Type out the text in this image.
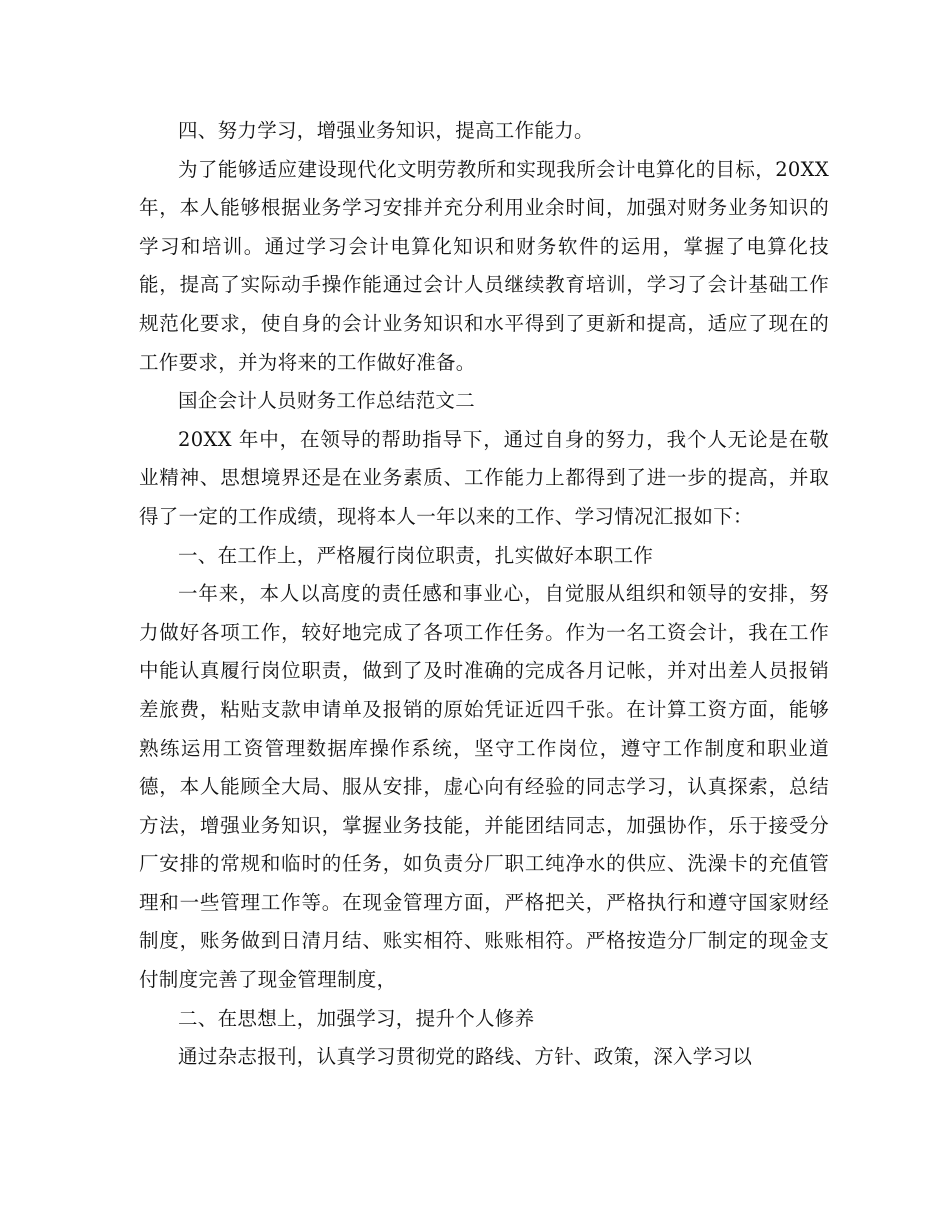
四、努力学习，增强业务知识，提高工作能力。

为了能够适应建设现代化文明劳教所和实现我所会计电算化的目标，20XX 年，本人能够根据业务学习安排并充分利用业余时间，加强对财务业务知识的学习和培训。通过学习会计电算化知识和财务软件的运用，掌握了电算化技能，提高了实际动手操作能通过会计人员继续教育培训，学习了会计基础工作规范化要求，使自身的会计业务知识和水平得到了更新和提高，适应了现在的工作要求，并为将来的工作做好准备。

国企会计人员财务工作总结范文二

20XX 年中，在领导的帮助指导下，通过自身的努力，我个人无论是在敬业精神、思想境界还是在业务素质、工作能力上都得到了进一步的提高，并取得了一定的工作成绩，现将本人一年以来的工作、学习情况汇报如下：

一、在工作上，严格履行岗位职责，扎实做好本职工作

一年来，本人以高度的责任感和事业心，自觉服从组织和领导的安排，努力做好各项工作，较好地完成了各项工作任务。作为一名工资会计，我在工作中能认真履行岗位职责，做到了及时准确的完成各月记帐，并对出差人员报销差旅费，粘贴支款申请单及报销的原始凭证近四千张。在计算工资方面，能够熟练运用工资管理数据库操作系统，坚守工作岗位，遵守工作制度和职业道德，本人能顾全大局、服从安排，虚心向有经验的同志学习，认真探索，总结方法，增强业务知识，掌握业务技能，并能团结同志，加强协作，乐于接受分厂安排的常规和临时的任务，如负责分厂职工纯净水的供应、洗澡卡的充值管理和一些管理工作等。在现金管理方面，严格把关，严格执行和遵守国家财经制度，账务做到日清月结、账实相符、账账相符。严格按造分厂制定的现金支付制度完善了现金管理制度，

二、在思想上，加强学习，提升个人修养

通过杂志报刊，认真学习贯彻党的路线、方针、政策，深入学习以
